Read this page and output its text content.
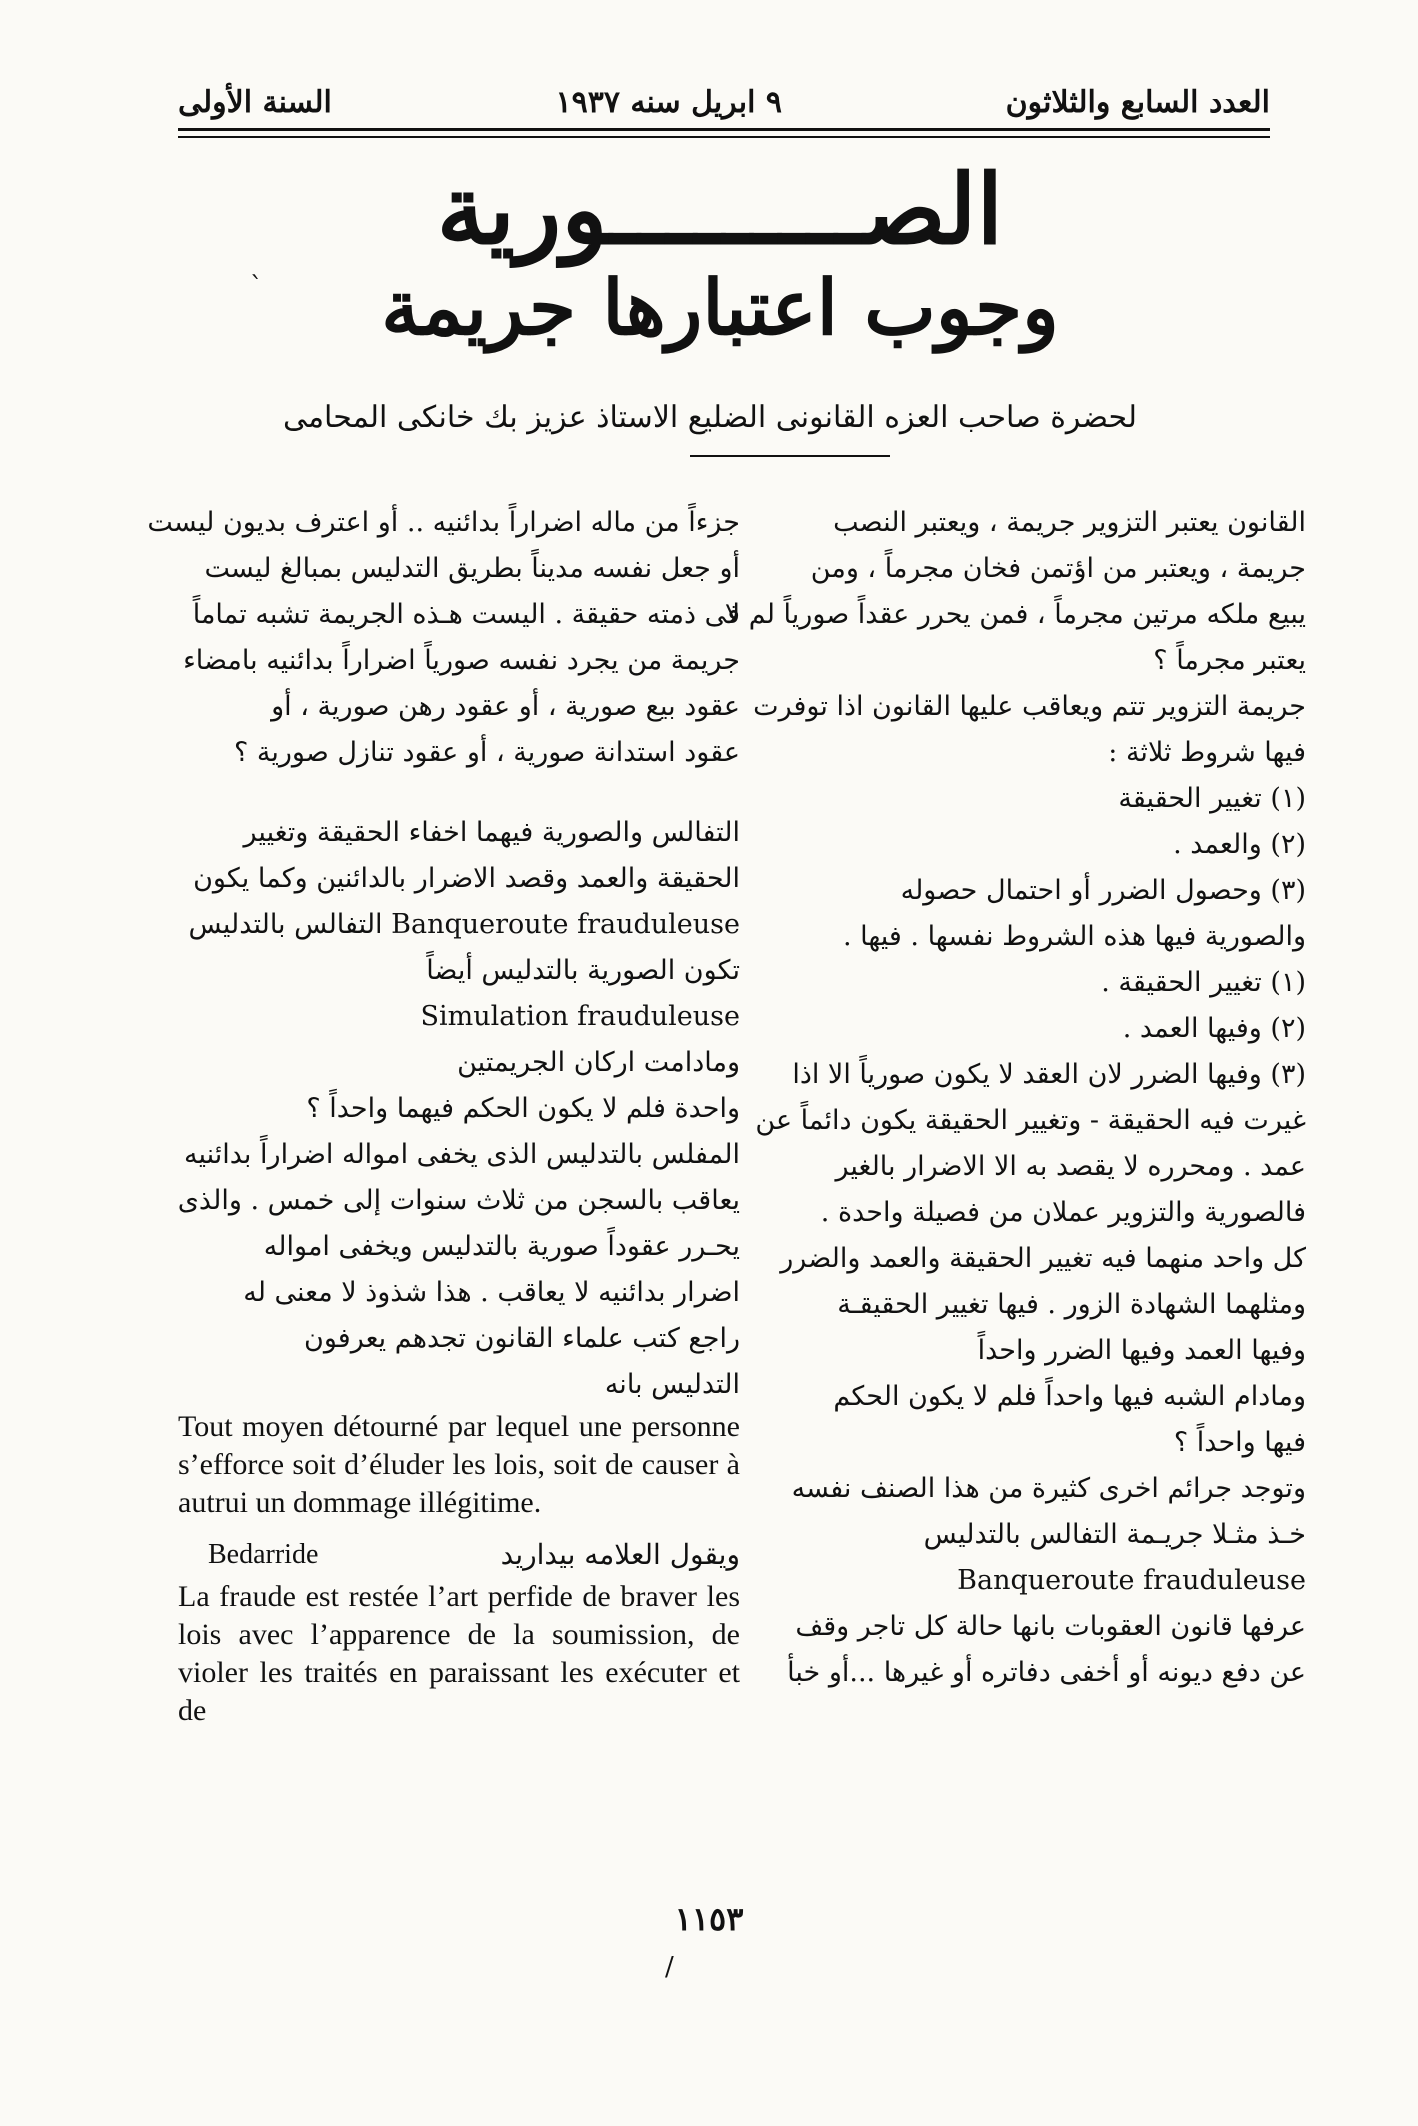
العدد السابع والثلاثون
٩ ابريل سنه ١٩٣٧
السنة الأولى
الصـــــــــورية
وجوب اعتبارها جريمة
لحضرة صاحب العزه القانونى الضليع الاستاذ عزيز بك خانكى المحامى

القانون يعتبر التزوير جريمة ، ويعتبر النصب

جريمة ، ويعتبر من اؤتمن فخان مجرماً ، ومن

يبيع ملكه مرتين مجرماً ، فمن يحرر عقداً صورياً لم لا

يعتبر مجرماً ؟

جريمة التزوير تتم ويعاقب عليها القانون اذا توفرت

فيها شروط ثلاثة :

(١) تغيير الحقيقة

(٢) والعمد .

(٣) وحصول الضرر أو احتمال حصوله

والصورية فيها هذه الشروط نفسها . فيها .

(١) تغيير الحقيقة .

(٢) وفيها العمد .

(٣) وفيها الضرر لان العقد لا يكون صورياً الا اذا

غيرت فيه الحقيقة - وتغيير الحقيقة يكون دائماً عن

عمد . ومحرره لا يقصد به الا الاضرار بالغير

فالصورية والتزوير عملان من فصيلة واحدة .

كل واحد منهما فيه تغيير الحقيقة والعمد والضرر

ومثلهما الشهادة الزور . فيها تغيير الحقيقـة

وفيها العمد وفيها الضرر واحداً

ومادام الشبه فيها واحداً فلم لا يكون الحكم

فيها واحداً ؟

وتوجد جرائم اخرى كثيرة من هذا الصنف نفسه

خـذ مثـلا جريـمة التفالس بالتدليس

Banqueroute frauduleuse

عرفها قانون العقوبات بانها حالة كل تاجر وقف

عن دفع ديونه أو أخفى دفاتره أو غيرها ...أو خبأ

جزءاً من ماله اضراراً بدائنيه .. أو اعترف بديون ليست

أو جعل نفسه مديناً بطريق التدليس بمبالغ ليست

فى ذمته حقيقة . اليست هـذه الجريمة تشبه تماماً

جريمة من يجرد نفسه صورياً اضراراً بدائنيه بامضاء

عقود بيع صورية ، أو عقود رهن صورية ، أو

عقود استدانة صورية ، أو عقود تنازل صورية ؟

التفالس والصورية فيهما اخفاء الحقيقة وتغيير

الحقيقة والعمد وقصد الاضرار بالدائنين وكما يكون

Banqueroute frauduleuse التفالس بالتدليس

تكون الصورية بالتدليس أيضاً

Simulation frauduleuse

ومادامت اركان الجريمتين

واحدة فلم لا يكون الحكم فيهما واحداً ؟

المفلس بالتدليس الذى يخفى امواله اضراراً بدائنيه

يعاقب بالسجن من ثلاث سنوات إلى خمس . والذى

يحـرر عقوداً صورية بالتدليس ويخفى امواله

اضرار بدائنيه لا يعاقب . هذا شذوذ لا معنى له

راجع كتب علماء القانون تجدهم يعرفون

التدليس بانه

Tout moyen détourné par lequel une personne s’efforce soit d’éluder les lois, soit de causer à autrui un dommage illégitime.

Bedarride	ويقول العلامه بيداريد

La fraude est restée l’art perfide de braver les lois avec l’apparence de la soumission, de violer les traités en paraissant les exécuter et de

١١٥٣
`
/
